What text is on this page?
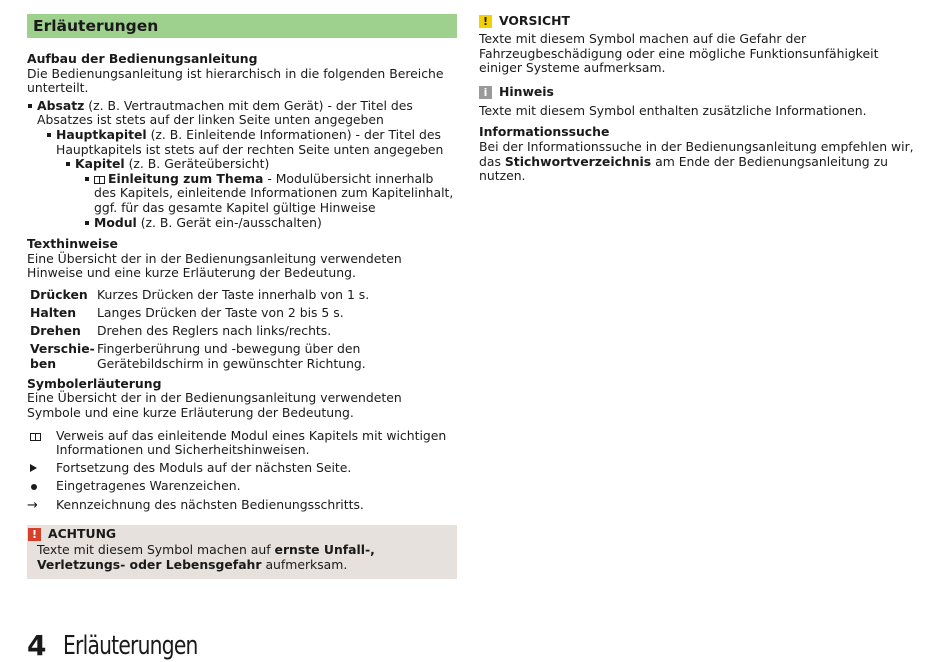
Erläuterungen
Aufbau der Bedienungsanleitung

Die Bedienungsanleitung ist hierarchisch in die folgenden Bereiche unterteilt.

Absatz (z. B. Vertrautmachen mit dem Gerät) - der Titel des Absatzes ist stets auf der linken Seite unten angegeben
Hauptkapitel (z. B. Einleitende Informationen) - der Titel des Hauptkapitels ist stets auf der rechten Seite unten angegeben
Kapitel (z. B. Geräteübersicht)
Einleitung zum Thema - Modulübersicht innerhalb des Kapitels, einleitende Informationen zum Kapitelinhalt, ggf. für das gesamte Kapitel gültige Hinweise
Modul (z. B. Gerät ein-/ausschalten)
Texthinweise

Eine Übersicht der in der Bedienungsanleitung verwendeten Hinweise und eine kurze Erläuterung der Bedeutung.

Drücken	Kurzes Drücken der Taste innerhalb von 1 s.
Halten	Langes Drücken der Taste von 2 bis 5 s.
Drehen	Drehen des Reglers nach links/rechts.
Verschie-ben	Fingerberührung und -bewegung über den Gerätebildschirm in gewünschter Richtung.
Symbolerläuterung

Eine Übersicht der in der Bedienungsanleitung verwendeten Symbole und eine kurze Erläuterung der Bedeutung.

Verweis auf das einleitende Modul eines Kapitels mit wichtigen Informationen und Sicherheitshinweisen.
Fortsetzung des Moduls auf der nächsten Seite.
Eingetragenes Warenzeichen.
→	Kennzeichnung des nächsten Bedienungsschritts.
! ACHTUNG

Texte mit diesem Symbol machen auf ernste Unfall-, Verletzungs- oder Lebensgefahr aufmerksam.

! VORSICHT

Texte mit diesem Symbol machen auf die Gefahr der Fahrzeugbeschädigung oder eine mögliche Funktionsunfähigkeit einiger Systeme aufmerksam.

i Hinweis

Texte mit diesem Symbol enthalten zusätzliche Informationen.

Informationssuche

Bei der Informationssuche in der Bedienungsanleitung empfehlen wir, das Stichwortverzeichnis am Ende der Bedienungsanleitung zu nutzen.

4 Erläuterungen
